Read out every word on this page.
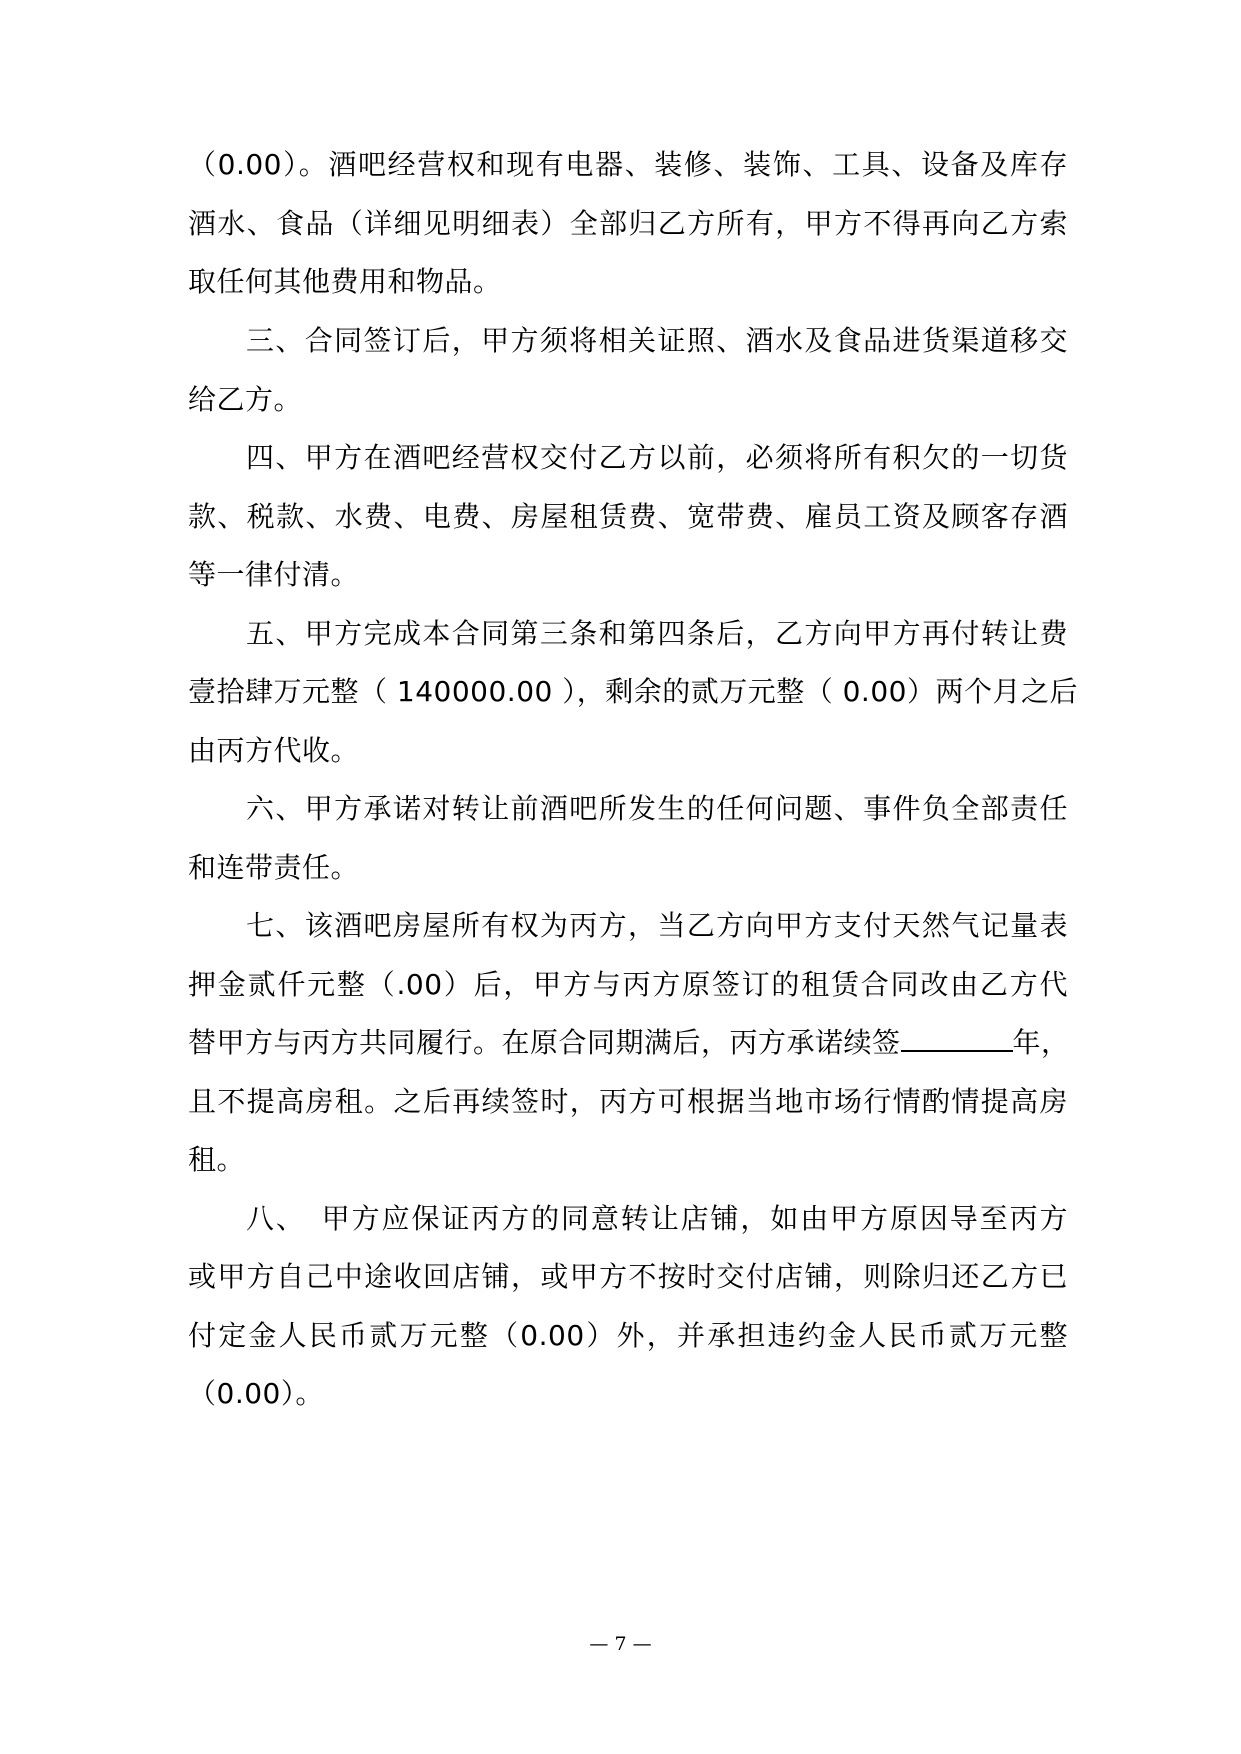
（0.00）。酒吧经营权和现有电器、装修、装饰、工具、设备及库存
酒水、食品（详细见明细表）全部归乙方所有，甲方不得再向乙方索
取任何其他费用和物品。
三、合同签订后，甲方须将相关证照、酒水及食品进货渠道移交
给乙方。
四、甲方在酒吧经营权交付乙方以前，必须将所有积欠的一切货
款、税款、水费、电费、房屋租赁费、宽带费、雇员工资及顾客存酒
等一律付清。
五、甲方完成本合同第三条和第四条后，乙方向甲方再付转让费
壹拾肆万元整（ 140000.00 ），剩余的贰万元整（ 0.00）两个月之后
由丙方代收。
六、甲方承诺对转让前酒吧所发生的任何问题、事件负全部责任
和连带责任。
七、该酒吧房屋所有权为丙方，当乙方向甲方支付天然气记量表
押金贰仟元整（.00）后，甲方与丙方原签订的租赁合同改由乙方代
替甲方与丙方共同履行。在原合同期满后，丙方承诺续签	年，
且不提高房租。之后再续签时，丙方可根据当地市场行情酌情提高房
租。
八、　甲方应保证丙方的同意转让店铺，如由甲方原因导至丙方
或甲方自己中途收回店铺，或甲方不按时交付店铺，则除归还乙方已
付定金人民币贰万元整（0.00）外，并承担违约金人民币贰万元整
（0.00）。
— 7 —
